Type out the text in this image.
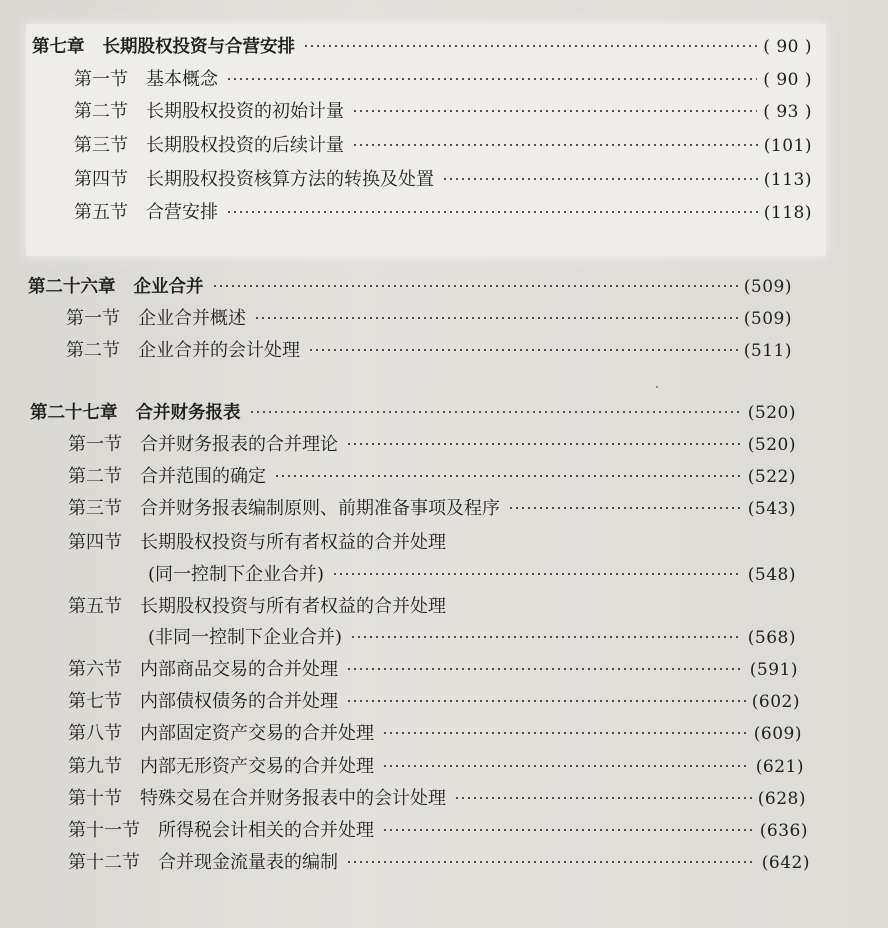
第七章 长期股权投资与合营安排	( 90 )
第一节 基本概念	( 90 )
第二节 长期股权投资的初始计量	( 93 )
第三节 长期股权投资的后续计量	(101)
第四节 长期股权投资核算方法的转换及处置	(113)
第五节 合营安排	(118)
第二十六章 企业合并	(509)
第一节 企业合并概述	(509)
第二节 企业合并的会计处理	(511)
第二十七章 合并财务报表	(520)
第一节 合并财务报表的合并理论	(520)
第二节 合并范围的确定	(522)
第三节 合并财务报表编制原则、前期准备事项及程序	(543)
第四节 长期股权投资与所有者权益的合并处理
(同一控制下企业合并)	(548)
第五节 长期股权投资与所有者权益的合并处理
(非同一控制下企业合并)	(568)
第六节 内部商品交易的合并处理	(591)
第七节 内部债权债务的合并处理	(602)
第八节 内部固定资产交易的合并处理	(609)
第九节 内部无形资产交易的合并处理	(621)
第十节 特殊交易在合并财务报表中的会计处理	(628)
第十一节 所得税会计相关的合并处理	(636)
第十二节 合并现金流量表的编制	(642)
